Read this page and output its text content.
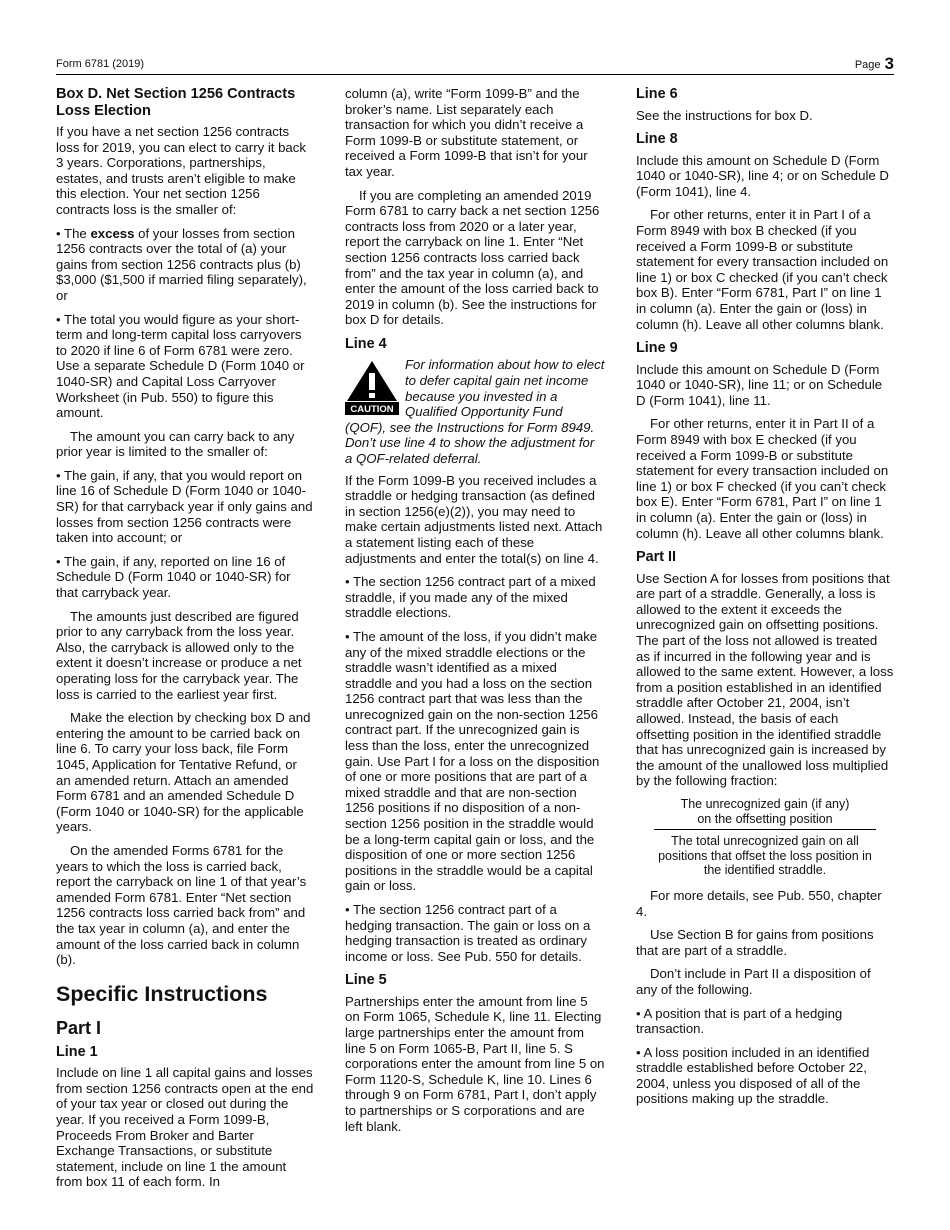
Form 6781 (2019)	Page 3
Box D. Net Section 1256 Contracts Loss Election

If you have a net section 1256 contracts loss for 2019, you can elect to carry it back 3 years. Corporations, partnerships, estates, and trusts aren’t eligible to make this election. Your net section 1256 contracts loss is the smaller of:

• The excess of your losses from section 1256 contracts over the total of (a) your gains from section 1256 contracts plus (b) $3,000 ($1,500 if married filing separately), or

• The total you would figure as your short-term and long-term capital loss carryovers to 2020 if line 6 of Form 6781 were zero. Use a separate Schedule D (Form 1040 or 1040-SR) and Capital Loss Carryover Worksheet (in Pub. 550) to figure this amount.

The amount you can carry back to any prior year is limited to the smaller of:

• The gain, if any, that you would report on line 16 of Schedule D (Form 1040 or 1040-SR) for that carryback year if only gains and losses from section 1256 contracts were taken into account; or

• The gain, if any, reported on line 16 of Schedule D (Form 1040 or 1040-SR) for that carryback year.

The amounts just described are figured prior to any carryback from the loss year. Also, the carryback is allowed only to the extent it doesn’t increase or produce a net operating loss for the carryback year. The loss is carried to the earliest year first.

Make the election by checking box D and entering the amount to be carried back on line 6. To carry your loss back, file Form 1045, Application for Tentative Refund, or an amended return. Attach an amended Form 6781 and an amended Schedule D (Form 1040 or 1040-SR) for the applicable years.

On the amended Forms 6781 for the years to which the loss is carried back, report the carryback on line 1 of that year’s amended Form 6781. Enter “Net section 1256 contracts loss carried back from” and the tax year in column (a), and enter the amount of the loss carried back in column (b).

Specific Instructions
Part I
Line 1

Include on line 1 all capital gains and losses from section 1256 contracts open at the end of your tax year or closed out during the year. If you received a Form 1099-B, Proceeds From Broker and Barter Exchange Transactions, or substitute statement, include on line 1 the amount from box 11 of each form. In

column (a), write “Form 1099-B” and the broker’s name. List separately each transaction for which you didn’t receive a Form 1099-B or substitute statement, or received a Form 1099-B that isn’t for your tax year.

If you are completing an amended 2019 Form 6781 to carry back a net section 1256 contracts loss from 2020 or a later year, report the carryback on line 1. Enter “Net section 1256 contracts loss carried back from” and the tax year in column (a), and enter the amount of the loss carried back to 2019 in column (b). See the instructions for box D for details.

Line 4
CAUTION
For information about how to elect to defer capital gain net income because you invested in a Qualified Opportunity Fund (QOF), see the Instructions for Form 8949. Don’t use line 4 to show the adjustment for a QOF-related deferral.

If the Form 1099-B you received includes a straddle or hedging transaction (as defined in section 1256(e)(2)), you may need to make certain adjustments listed next. Attach a statement listing each of these adjustments and enter the total(s) on line 4.

• The section 1256 contract part of a mixed straddle, if you made any of the mixed straddle elections.

• The amount of the loss, if you didn’t make any of the mixed straddle elections or the straddle wasn’t identified as a mixed straddle and you had a loss on the section 1256 contract part that was less than the unrecognized gain on the non-section 1256 contract part. If the unrecognized gain is less than the loss, enter the unrecognized gain. Use Part I for a loss on the disposition of one or more positions that are part of a mixed straddle and that are non-section 1256 positions if no disposition of a non-section 1256 position in the straddle would be a long-term capital gain or loss, and the disposition of one or more section 1256 positions in the straddle would be a capital gain or loss.

• The section 1256 contract part of a hedging transaction. The gain or loss on a hedging transaction is treated as ordinary income or loss. See Pub. 550 for details.

Line 5

Partnerships enter the amount from line 5 on Form 1065, Schedule K, line 11. Electing large partnerships enter the amount from line 5 on Form 1065-B, Part II, line 5. S corporations enter the amount from line 5 on Form 1120-S, Schedule K, line 10. Lines 6 through 9 on Form 6781, Part I, don’t apply to partnerships or S corporations and are left blank.

Line 6

See the instructions for box D.

Line 8

Include this amount on Schedule D (Form 1040 or 1040-SR), line 4; or on Schedule D (Form 1041), line 4.

For other returns, enter it in Part I of a Form 8949 with box B checked (if you received a Form 1099-B or substitute statement for every transaction included on line 1) or box C checked (if you can’t check box B). Enter “Form 6781, Part I” on line 1 in column (a). Enter the gain or (loss) in column (h). Leave all other columns blank.

Line 9

Include this amount on Schedule D (Form 1040 or 1040-SR), line 11; or on Schedule D (Form 1041), line 11.

For other returns, enter it in Part II of a Form 8949 with box E checked (if you received a Form 1099-B or substitute statement for every transaction included on line 1) or box F checked (if you can’t check box E). Enter “Form 6781, Part I” on line 1 in column (a). Enter the gain or (loss) in column (h). Leave all other columns blank.

Part II

Use Section A for losses from positions that are part of a straddle. Generally, a loss is allowed to the extent it exceeds the unrecognized gain on offsetting positions. The part of the loss not allowed is treated as if incurred in the following year and is allowed to the same extent. However, a loss from a position established in an identified straddle after October 21, 2004, isn’t allowed. Instead, the basis of each offsetting position in the identified straddle that has unrecognized gain is increased by the amount of the unallowed loss multiplied by the following fraction:

The unrecognized gain (if any) on the offsetting position
The total unrecognized gain on all positions that offset the loss position in the identified straddle.

For more details, see Pub. 550, chapter 4.

Use Section B for gains from positions that are part of a straddle.

Don’t include in Part II a disposition of any of the following.

• A position that is part of a hedging transaction.

• A loss position included in an identified straddle established before October 22, 2004, unless you disposed of all of the positions making up the straddle.
